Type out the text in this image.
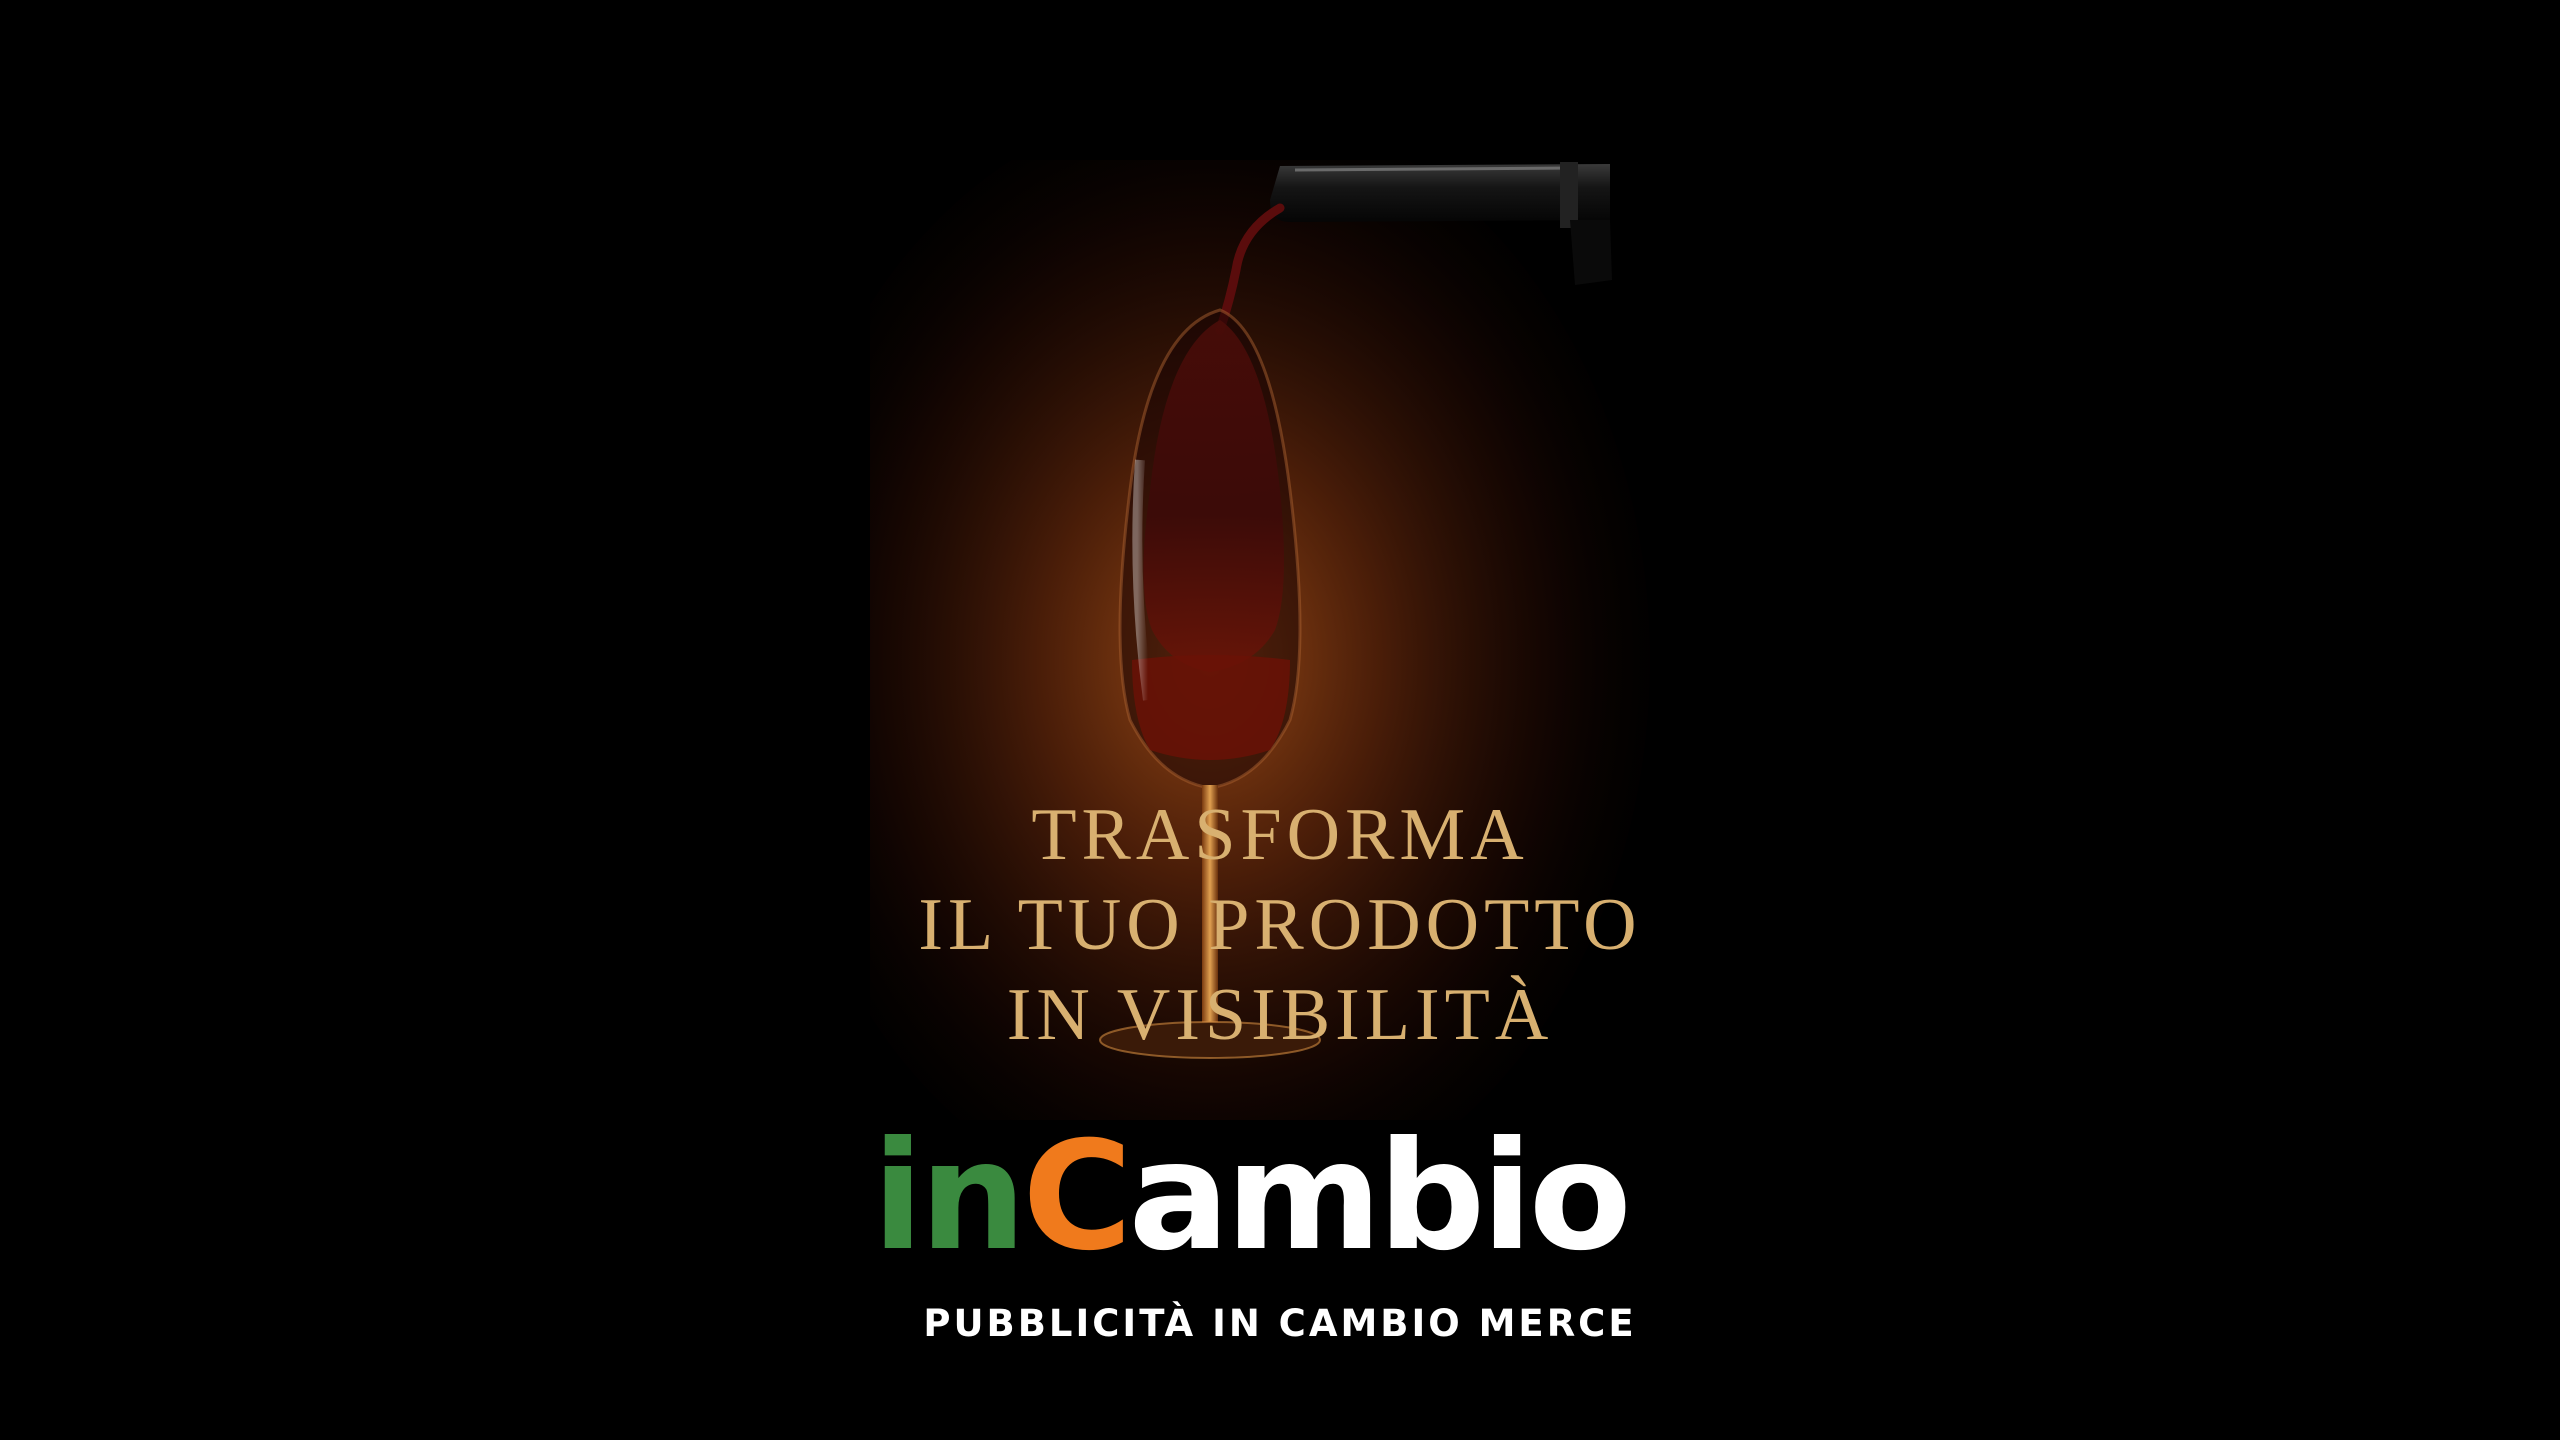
TRASFORMA
IL TUO PRODOTTO
IN VISIBILITÀ
inCambio
PUBBLICITÀ IN CAMBIO MERCE
